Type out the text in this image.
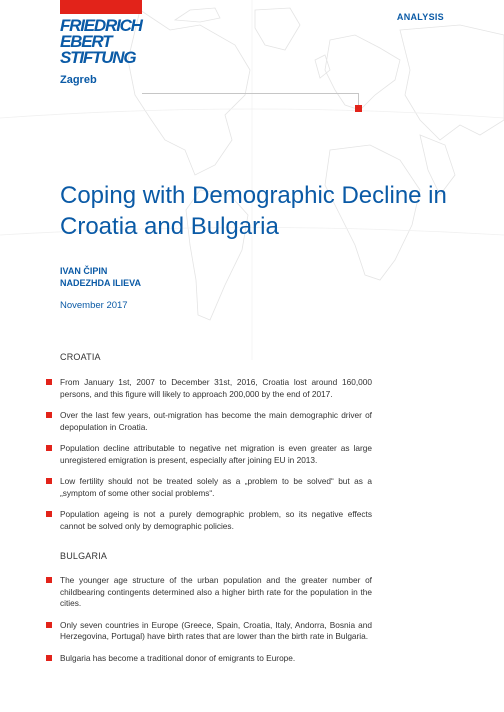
FRIEDRICH
EBERT
STIFTUNG
Zagreb
ANALYSIS
Coping with Demographic Decline in Croatia and Bulgaria
IVAN ČIPIN
NADEZHDA ILIEVA
November 2017
CROATIA
From January 1st, 2007 to December 31st, 2016, Croatia lost around 160,000 persons, and this figure will likely to approach 200,000 by the end of 2017.
Over the last few years, out-migration has become the main demographic driver of depopulation in Croatia.
Population decline attributable to negative net migration is even greater as large unregistered emigration is present, especially after joining EU in 2013.
Low fertility should not be treated solely as a „problem to be solved“ but as a „symptom of some other social problems“.
Population ageing is not a purely demographic problem, so its negative effects cannot be solved only by demographic policies.
BULGARIA
The younger age structure of the urban population and the greater number of childbearing contingents determined also a higher birth rate for the population in the cities.
Only seven countries in Europe (Greece, Spain, Croatia, Italy, Andorra, Bosnia and Herzegovina, Portugal) have birth rates that are lower than the birth rate in Bulgaria.
Bulgaria has become a traditional donor of emigrants to Europe.
